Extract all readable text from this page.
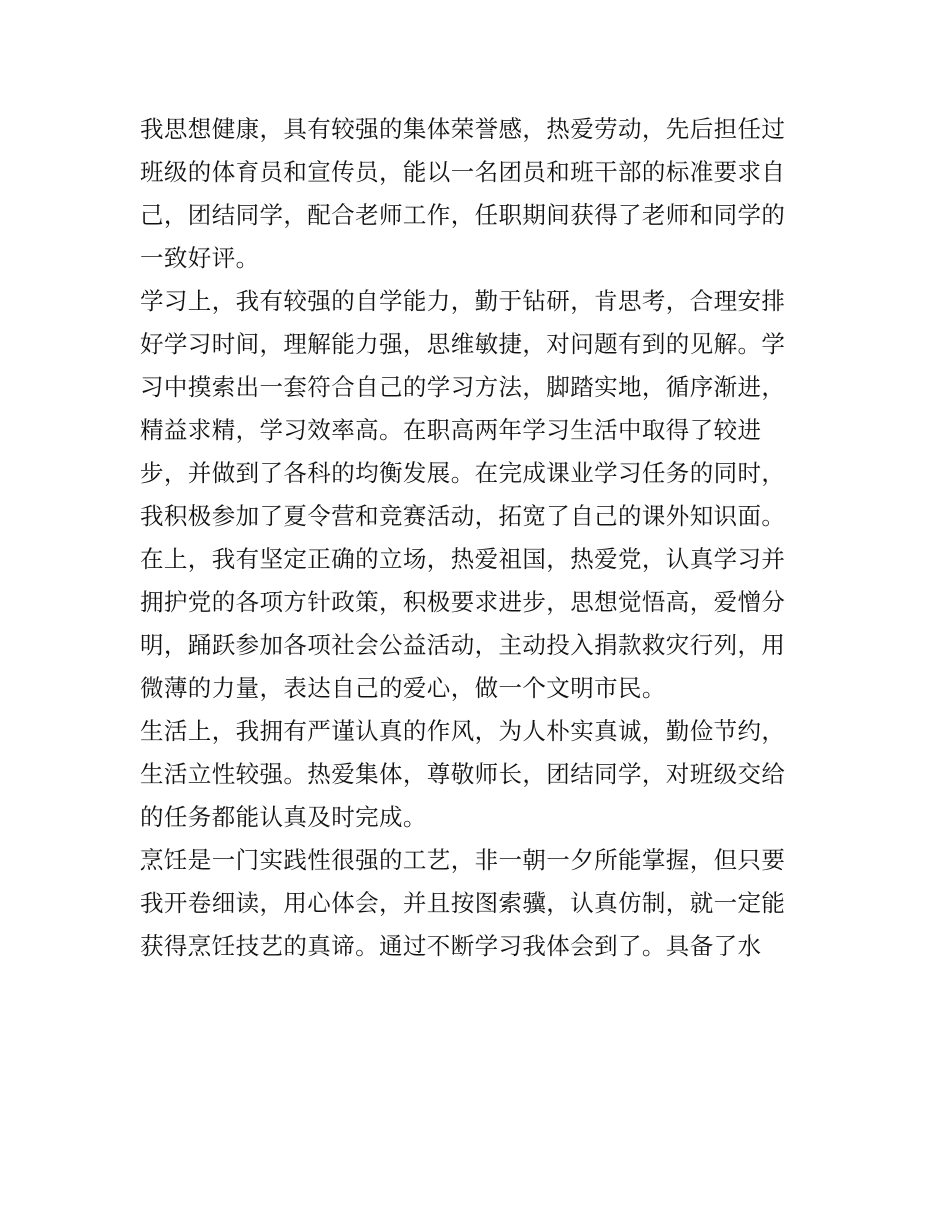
我思想健康，具有较强的集体荣誉感，热爱劳动，先后担任过
班级的体育员和宣传员，能以一名团员和班干部的标准要求自
己，团结同学，配合老师工作，任职期间获得了老师和同学的
一致好评。
学习上，我有较强的自学能力，勤于钻研，肯思考，合理安排
好学习时间，理解能力强，思维敏捷，对问题有到的见解。学
习中摸索出一套符合自己的学习方法，脚踏实地，循序渐进，
精益求精，学习效率高。在职高两年学习生活中取得了较进
步，并做到了各科的均衡发展。在完成课业学习任务的同时，
我积极参加了夏令营和竞赛活动，拓宽了自己的课外知识面。
在上，我有坚定正确的立场，热爱祖国，热爱党，认真学习并
拥护党的各项方针政策，积极要求进步，思想觉悟高，爱憎分
明，踊跃参加各项社会公益活动，主动投入捐款救灾行列，用
微薄的力量，表达自己的爱心，做一个文明市民。
生活上，我拥有严谨认真的作风，为人朴实真诚，勤俭节约，
生活立性较强。热爱集体，尊敬师长，团结同学，对班级交给
的任务都能认真及时完成。
烹饪是一门实践性很强的工艺，非一朝一夕所能掌握，但只要
我开卷细读，用心体会，并且按图索骥，认真仿制，就一定能
获得烹饪技艺的真谛。通过不断学习我体会到了。具备了水
